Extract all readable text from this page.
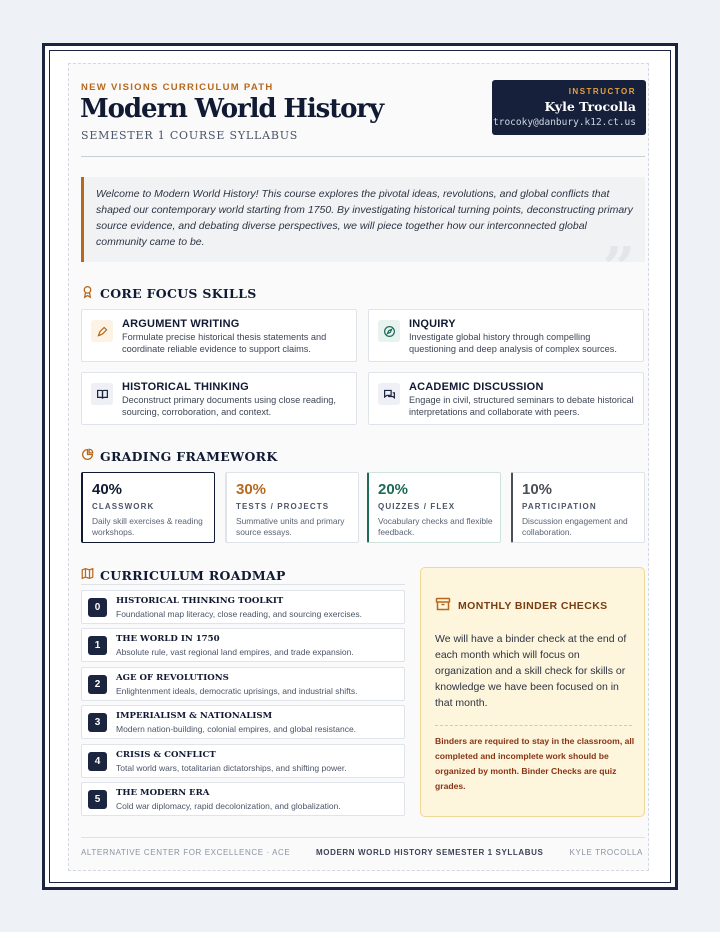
NEW VISIONS CURRICULUM PATH
Modern World History
SEMESTER 1 COURSE SYLLABUS
INSTRUCTOR
Kyle Trocolla
trocoky@danbury.k12.ct.us
Welcome to Modern World History! This course explores the pivotal ideas, revolutions, and global conflicts that shaped our contemporary world starting from 1750. By investigating historical turning points, deconstructing primary source evidence, and debating diverse perspectives, we will piece together how our interconnected global community came to be.	”
CORE FOCUS SKILLS
ARGUMENT WRITING
Formulate precise historical thesis statements and coordinate reliable evidence to support claims.
INQUIRY
Investigate global history through compelling questioning and deep analysis of complex sources.
HISTORICAL THINKING
Deconstruct primary documents using close reading, sourcing, corroboration, and context.
ACADEMIC DISCUSSION
Engage in civil, structured seminars to debate historical interpretations and collaborate with peers.
GRADING FRAMEWORK
40%
CLASSWORK
Daily skill exercises & reading workshops.
30%
TESTS / PROJECTS
Summative units and primary source essays.
20%
QUIZZES / FLEX
Vocabulary checks and flexible feedback.
10%
PARTICIPATION
Discussion engagement and collaboration.
CURRICULUM ROADMAP
0
HISTORICAL THINKING TOOLKIT
Foundational map literacy, close reading, and sourcing exercises.
1
THE WORLD IN 1750
Absolute rule, vast regional land empires, and trade expansion.
2
AGE OF REVOLUTIONS
Enlightenment ideals, democratic uprisings, and industrial shifts.
3
IMPERIALISM & NATIONALISM
Modern nation-building, colonial empires, and global resistance.
4
CRISIS & CONFLICT
Total world wars, totalitarian dictatorships, and shifting power.
5
THE MODERN ERA
Cold war diplomacy, rapid decolonization, and globalization.
MONTHLY BINDER CHECKS
We will have a binder check at the end of each month which will focus on organization and a skill check for skills or knowledge we have been focused on in that month.
Binders are required to stay in the classroom, all completed and incomplete work should be organized by month. Binder Checks are quiz grades.
ALTERNATIVE CENTER FOR EXCELLENCE · ACE	MODERN WORLD HISTORY SEMESTER 1 SYLLABUS	KYLE TROCOLLA
